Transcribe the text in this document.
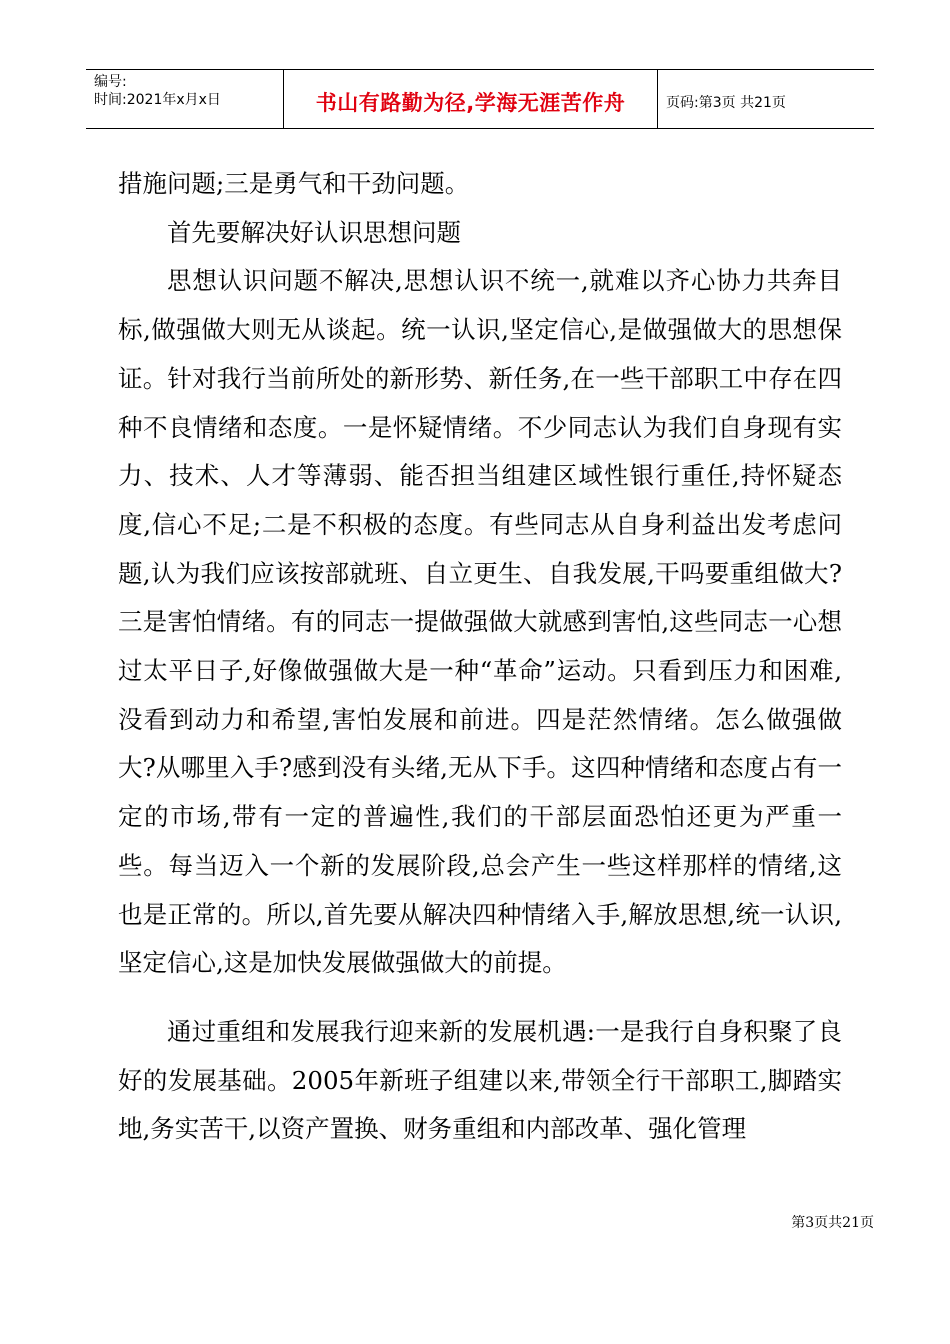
编号:
时间:2021年x月x日	书山有路勤为径,学海无涯苦作舟	页码:第3页 共21页

措施问题;三是勇气和干劲问题。

首先要解决好认识思想问题

思想认识问题不解决,思想认识不统一,就难以齐心协力共奔目标,做强做大则无从谈起。统一认识,坚定信心,是做强做大的思想保证。针对我行当前所处的新形势、新任务,在一些干部职工中存在四种不良情绪和态度。一是怀疑情绪。不少同志认为我们自身现有实力、技术、人才等薄弱、能否担当组建区域性银行重任,持怀疑态度,信心不足;二是不积极的态度。有些同志从自身利益出发考虑问题,认为我们应该按部就班、自立更生、自我发展,干吗要重组做大?三是害怕情绪。有的同志一提做强做大就感到害怕,这些同志一心想过太平日子,好像做强做大是一种“革命”运动。只看到压力和困难,没看到动力和希望,害怕发展和前进。四是茫然情绪。怎么做强做大?从哪里入手?感到没有头绪,无从下手。这四种情绪和态度占有一定的市场,带有一定的普遍性,我们的干部层面恐怕还更为严重一些。每当迈入一个新的发展阶段,总会产生一些这样那样的情绪,这也是正常的。所以,首先要从解决四种情绪入手,解放思想,统一认识,坚定信心,这是加快发展做强做大的前提。

通过重组和发展我行迎来新的发展机遇:一是我行自身积聚了良好的发展基础。2005年新班子组建以来,带领全行干部职工,脚踏实地,务实苦干,以资产置换、财务重组和内部改革、强化管理

第3页共21页
